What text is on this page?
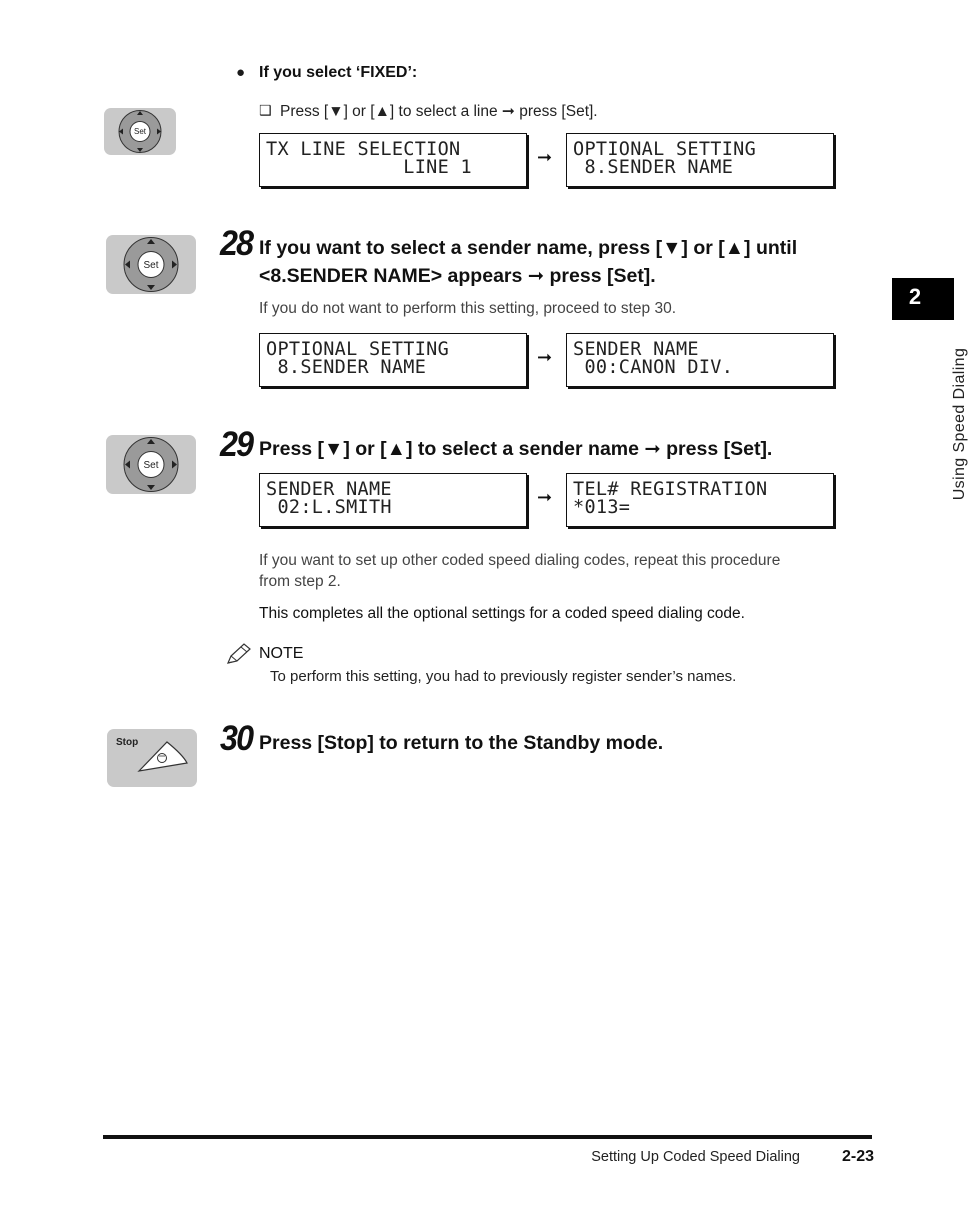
Set
● If you select ‘FIXED’:
❑ Press [▼] or [▲] to select a line ➞ press [Set].
TX LINE SELECTION
LINE 1	➞ OPTIONAL SETTING
8.SENDER NAME
Set
28 If you want to select a sender name, press [▼] or [▲] until
<8.SENDER NAME> appears ➞ press [Set].
If you do not want to perform this setting, proceed to step 30.
OPTIONAL SETTING
8.SENDER NAME	➞ SENDER NAME
00:CANON DIV.
Set
29 Press [▼] or [▲] to select a sender name ➞ press [Set].
SENDER NAME
02:L.SMITH	➞ TEL# REGISTRATION
*013=
If you want to set up other coded speed dialing codes, repeat this procedure
from step 2.
This completes all the optional settings for a coded speed dialing code.
NOTE
To perform this setting, you had to previously register sender’s names.
Stop 30 Press [Stop] to return to the Standby mode.
2
Using Speed Dialing
Setting Up Coded Speed Dialing	2-23
